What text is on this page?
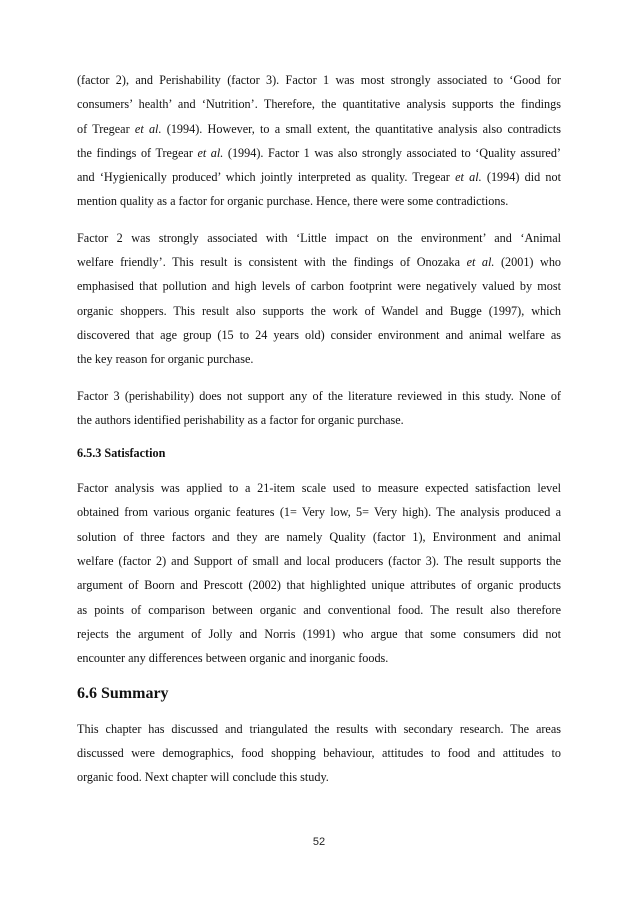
(factor 2), and Perishability (factor 3). Factor 1 was most strongly associated to ‘Good for
consumers’ health’ and ‘Nutrition’. Therefore, the quantitative analysis supports the findings
of Tregear et al. (1994). However, to a small extent, the quantitative analysis also contradicts
the findings of Tregear et al. (1994). Factor 1 was also strongly associated to ‘Quality assured’
and ‘Hygienically produced’ which jointly interpreted as quality. Tregear et al. (1994) did not
mention quality as a factor for organic purchase. Hence, there were some contradictions.
Factor 2 was strongly associated with ‘Little impact on the environment’ and ‘Animal
welfare friendly’. This result is consistent with the findings of Onozaka et al. (2001) who
emphasised that pollution and high levels of carbon footprint were negatively valued by most
organic shoppers. This result also supports the work of Wandel and Bugge (1997), which
discovered that age group (15 to 24 years old) consider environment and animal welfare as
the key reason for organic purchase.
Factor 3 (perishability) does not support any of the literature reviewed in this study. None of
the authors identified perishability as a factor for organic purchase.
6.5.3 Satisfaction
Factor analysis was applied to a 21-item scale used to measure expected satisfaction level
obtained from various organic features (1= Very low, 5= Very high). The analysis produced a
solution of three factors and they are namely Quality (factor 1), Environment and animal
welfare (factor 2) and Support of small and local producers (factor 3). The result supports the
argument of Boorn and Prescott (2002) that highlighted unique attributes of organic products
as points of comparison between organic and conventional food. The result also therefore
rejects the argument of Jolly and Norris (1991) who argue that some consumers did not
encounter any differences between organic and inorganic foods.
6.6 Summary
This chapter has discussed and triangulated the results with secondary research. The areas
discussed were demographics, food shopping behaviour, attitudes to food and attitudes to
organic food. Next chapter will conclude this study.
52
